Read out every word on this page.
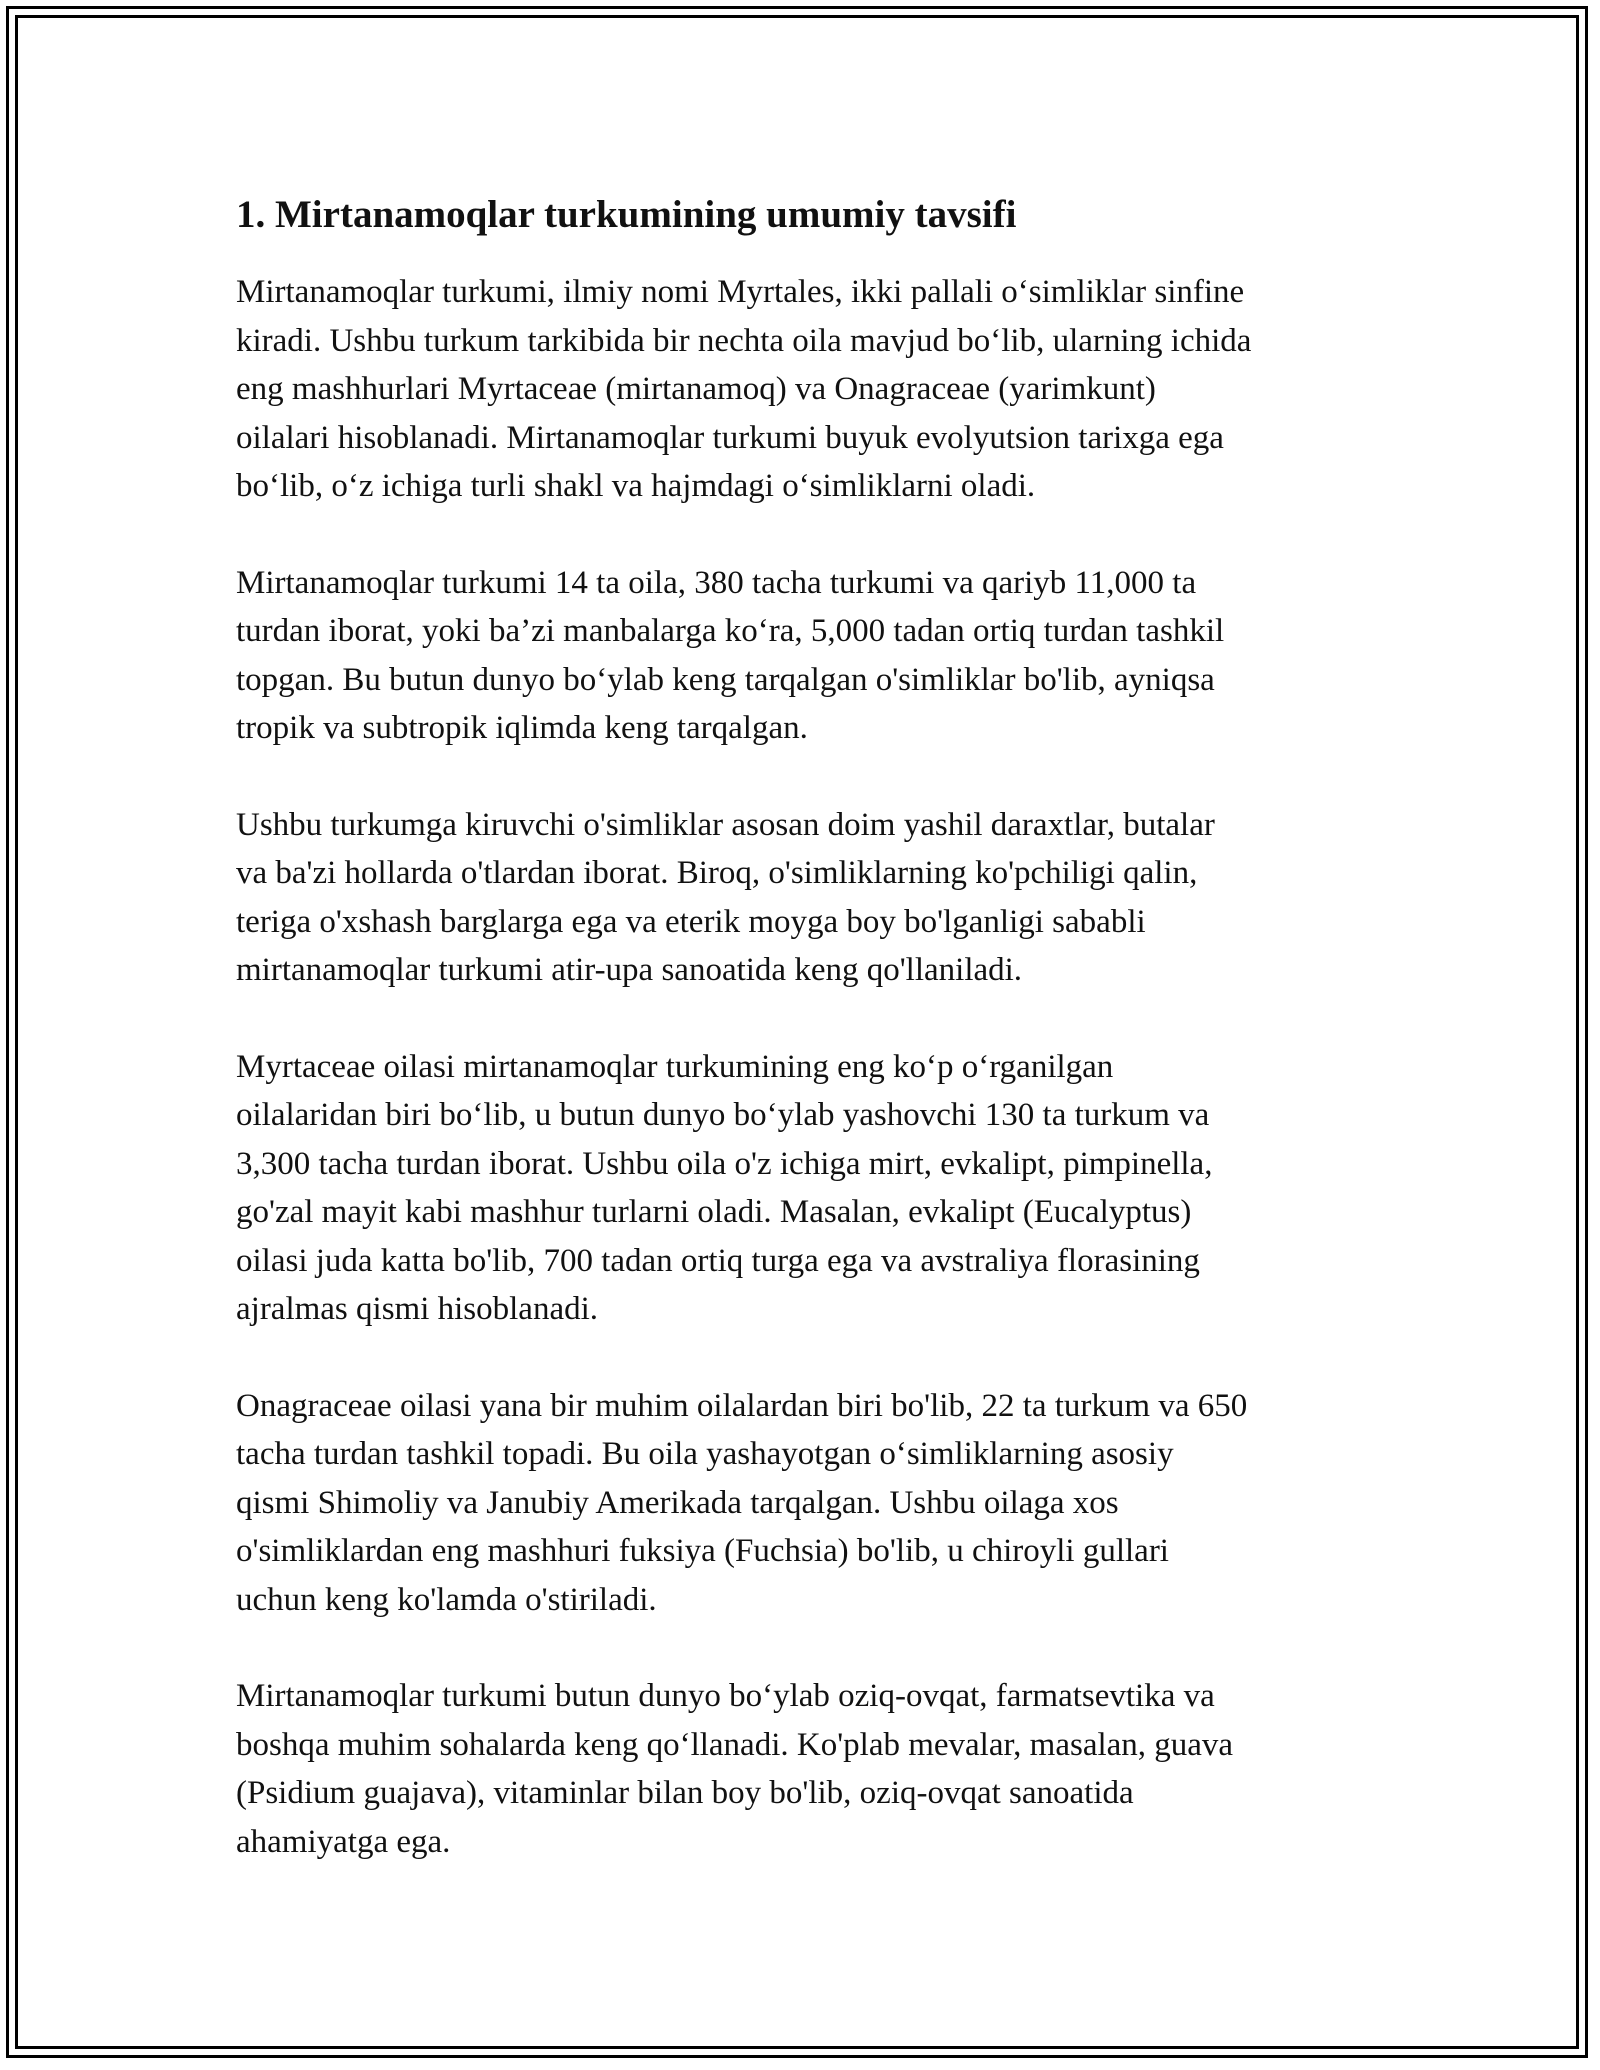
1. Mirtanamoqlar turkumining umumiy tavsifi

Mirtanamoqlar turkumi, ilmiy nomi Myrtales, ikki pallali o‘simliklar sinfine
kiradi. Ushbu turkum tarkibida bir nechta oila mavjud bo‘lib, ularning ichida
eng mashhurlari Myrtaceae (mirtanamoq) va Onagraceae (yarimkunt)
oilalari hisoblanadi. Mirtanamoqlar turkumi buyuk evolyutsion tarixga ega
bo‘lib, o‘z ichiga turli shakl va hajmdagi o‘simliklarni oladi.

Mirtanamoqlar turkumi 14 ta oila, 380 tacha turkumi va qariyb 11,000 ta
turdan iborat, yoki ba’zi manbalarga ko‘ra, 5,000 tadan ortiq turdan tashkil
topgan. Bu butun dunyo bo‘ylab keng tarqalgan o'simliklar bo'lib, ayniqsa
tropik va subtropik iqlimda keng tarqalgan.

Ushbu turkumga kiruvchi o'simliklar asosan doim yashil daraxtlar, butalar
va ba'zi hollarda o'tlardan iborat. Biroq, o'simliklarning ko'pchiligi qalin,
teriga o'xshash barglarga ega va eterik moyga boy bo'lganligi sababli
mirtanamoqlar turkumi atir-upa sanoatida keng qo'llaniladi.

Myrtaceae oilasi mirtanamoqlar turkumining eng ko‘p o‘rganilgan
oilalaridan biri bo‘lib, u butun dunyo bo‘ylab yashovchi 130 ta turkum va
3,300 tacha turdan iborat. Ushbu oila o'z ichiga mirt, evkalipt, pimpinella,
go'zal mayit kabi mashhur turlarni oladi. Masalan, evkalipt (Eucalyptus)
oilasi juda katta bo'lib, 700 tadan ortiq turga ega va avstraliya florasining
ajralmas qismi hisoblanadi.

Onagraceae oilasi yana bir muhim oilalardan biri bo'lib, 22 ta turkum va 650
tacha turdan tashkil topadi. Bu oila yashayotgan o‘simliklarning asosiy
qismi Shimoliy va Janubiy Amerikada tarqalgan. Ushbu oilaga xos
o'simliklardan eng mashhuri fuksiya (Fuchsia) bo'lib, u chiroyli gullari
uchun keng ko'lamda o'stiriladi.

Mirtanamoqlar turkumi butun dunyo bo‘ylab oziq-ovqat, farmatsevtika va
boshqa muhim sohalarda keng qo‘llanadi. Ko'plab mevalar, masalan, guava
(Psidium guajava), vitaminlar bilan boy bo'lib, oziq-ovqat sanoatida
ahamiyatga ega.
